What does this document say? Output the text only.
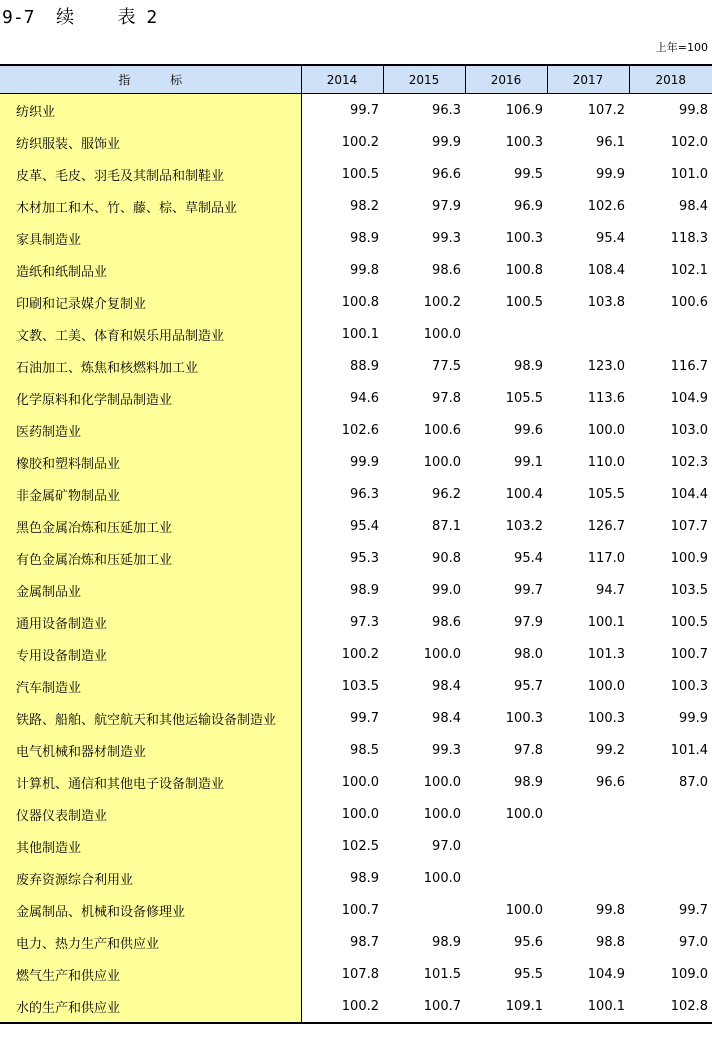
9-7  续    表 2
上年=100
指 标	2014	2015	2016	2017	2018
纺织业	99.7	96.3	106.9	107.2	99.8
纺织服装、服饰业	100.2	99.9	100.3	96.1	102.0
皮革、毛皮、羽毛及其制品和制鞋业	100.5	96.6	99.5	99.9	101.0
木材加工和木、竹、藤、棕、草制品业	98.2	97.9	96.9	102.6	98.4
家具制造业	98.9	99.3	100.3	95.4	118.3
造纸和纸制品业	99.8	98.6	100.8	108.4	102.1
印刷和记录媒介复制业	100.8	100.2	100.5	103.8	100.6
文教、工美、体育和娱乐用品制造业	100.1	100.0			
石油加工、炼焦和核燃料加工业	88.9	77.5	98.9	123.0	116.7
化学原料和化学制品制造业	94.6	97.8	105.5	113.6	104.9
医药制造业	102.6	100.6	99.6	100.0	103.0
橡胶和塑料制品业	99.9	100.0	99.1	110.0	102.3
非金属矿物制品业	96.3	96.2	100.4	105.5	104.4
黑色金属冶炼和压延加工业	95.4	87.1	103.2	126.7	107.7
有色金属冶炼和压延加工业	95.3	90.8	95.4	117.0	100.9
金属制品业	98.9	99.0	99.7	94.7	103.5
通用设备制造业	97.3	98.6	97.9	100.1	100.5
专用设备制造业	100.2	100.0	98.0	101.3	100.7
汽车制造业	103.5	98.4	95.7	100.0	100.3
铁路、船舶、航空航天和其他运输设备制造业	99.7	98.4	100.3	100.3	99.9
电气机械和器材制造业	98.5	99.3	97.8	99.2	101.4
计算机、通信和其他电子设备制造业	100.0	100.0	98.9	96.6	87.0
仪器仪表制造业	100.0	100.0	100.0		
其他制造业	102.5	97.0			
废弃资源综合利用业	98.9	100.0			
金属制品、机械和设备修理业	100.7		100.0	99.8	99.7
电力、热力生产和供应业	98.7	98.9	95.6	98.8	97.0
燃气生产和供应业	107.8	101.5	95.5	104.9	109.0
水的生产和供应业	100.2	100.7	109.1	100.1	102.8
